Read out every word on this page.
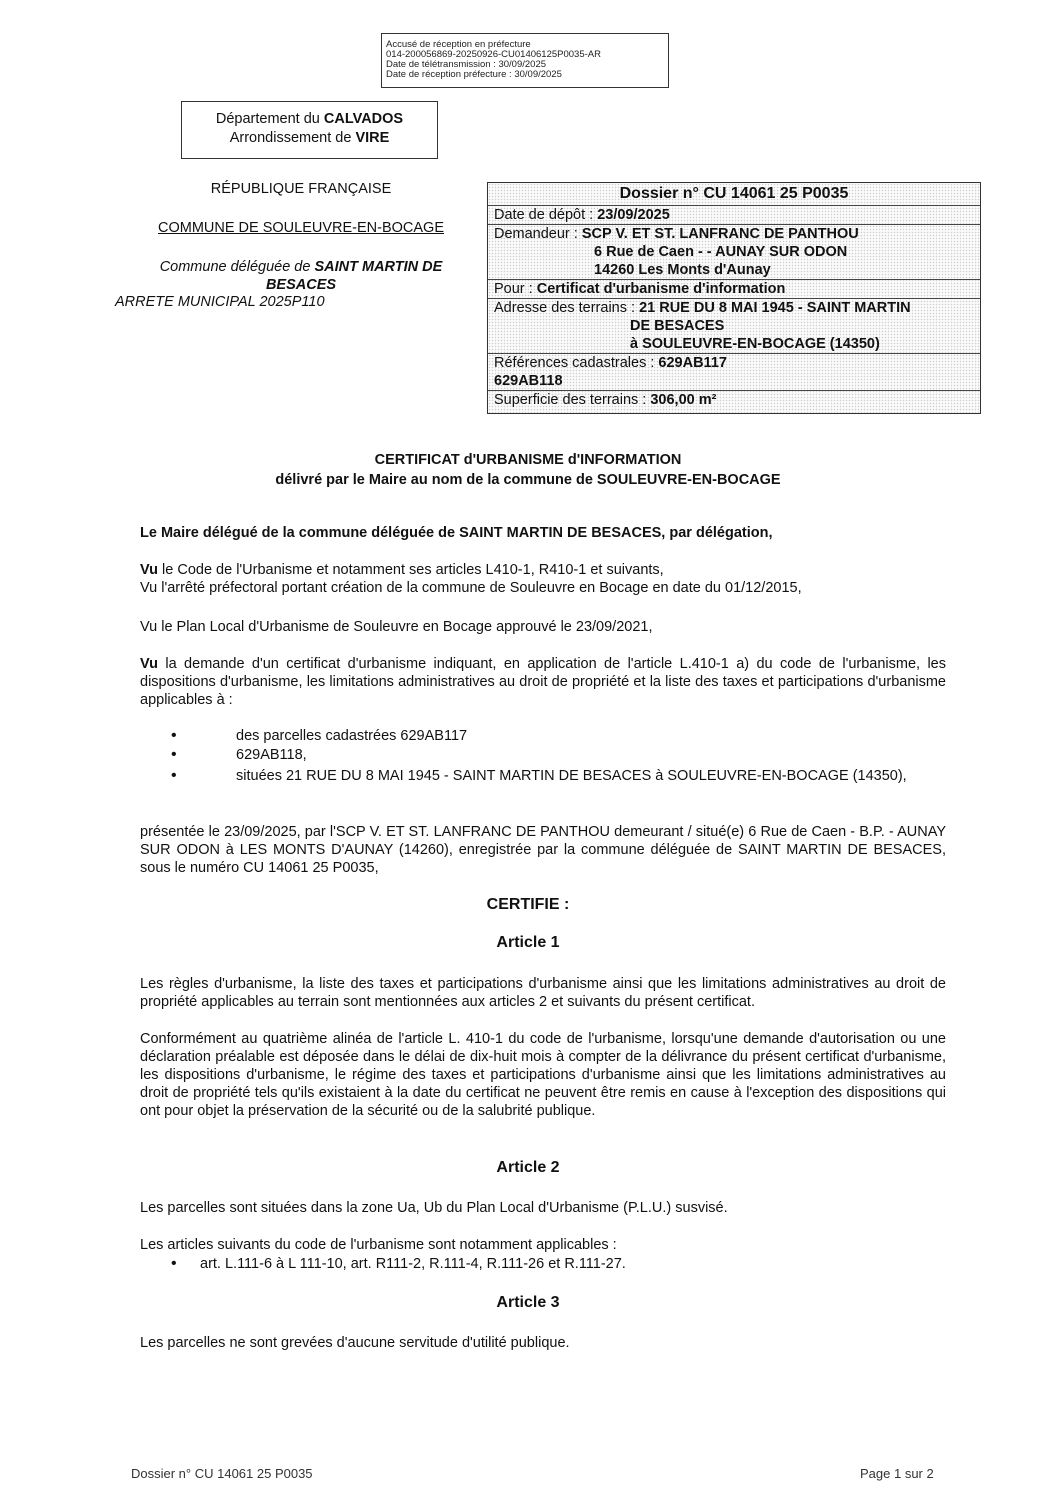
Accusé de réception en préfecture
014-200056869-20250926-CU01406125P0035-AR
Date de télétransmission : 30/09/2025
Date de réception préfecture : 30/09/2025
Département du CALVADOS
Arrondissement de VIRE
RÉPUBLIQUE FRANÇAISE
COMMUNE DE SOULEUVRE-EN-BOCAGE
Commune déléguée de SAINT MARTIN DE BESACES
ARRETE MUNICIPAL 2025P110
Dossier n° CU 14061 25 P0035
Date de dépôt : 23/09/2025
Demandeur : SCP V. ET ST. LANFRANC DE PANTHOU
6 Rue de Caen - - AUNAY SUR ODON
14260 Les Monts d'Aunay
Pour : Certificat d'urbanisme d'information
Adresse des terrains : 21 RUE DU 8 MAI 1945 - SAINT MARTIN
DE BESACES
à SOULEUVRE-EN-BOCAGE (14350)
Références cadastrales : 629AB117
629AB118
Superficie des terrains : 306,00 m²
CERTIFICAT d'URBANISME d'INFORMATION
délivré par le Maire au nom de la commune de SOULEUVRE-EN-BOCAGE
Le Maire délégué de la commune déléguée de SAINT MARTIN DE BESACES, par délégation,
Vu le Code de l'Urbanisme et notamment ses articles L410-1, R410-1 et suivants,
Vu l'arrêté préfectoral portant création de la commune de Souleuvre en Bocage en date du 01/12/2015,
Vu le Plan Local d'Urbanisme de Souleuvre en Bocage approuvé le 23/09/2021,
Vu la demande d'un certificat d'urbanisme indiquant, en application de l'article L.410-1 a) du code de l'urbanisme, les dispositions d'urbanisme, les limitations administratives au droit de propriété et la liste des taxes et participations d'urbanisme applicables à :
•	des parcelles cadastrées 629AB117
•	629AB118,
•	situées 21 RUE DU 8 MAI 1945 - SAINT MARTIN DE BESACES à SOULEUVRE-EN-BOCAGE (14350),
présentée le 23/09/2025, par l'SCP V. ET ST. LANFRANC DE PANTHOU demeurant / situé(e) 6 Rue de Caen - B.P. - AUNAY SUR ODON à LES MONTS D'AUNAY (14260), enregistrée par la commune déléguée de SAINT MARTIN DE BESACES, sous le numéro CU 14061 25 P0035,
CERTIFIE :
Article 1
Les règles d'urbanisme, la liste des taxes et participations d'urbanisme ainsi que les limitations administratives au droit de propriété applicables au terrain sont mentionnées aux articles 2 et suivants du présent certificat.
Conformément au quatrième alinéa de l'article L. 410-1 du code de l'urbanisme, lorsqu'une demande d'autorisation ou une déclaration préalable est déposée dans le délai de dix-huit mois à compter de la délivrance du présent certificat d'urbanisme, les dispositions d'urbanisme, le régime des taxes et participations d'urbanisme ainsi que les limitations administratives au droit de propriété tels qu'ils existaient à la date du certificat ne peuvent être remis en cause à l'exception des dispositions qui ont pour objet la préservation de la sécurité ou de la salubrité publique.
Article 2
Les parcelles sont situées dans la zone Ua, Ub du Plan Local d'Urbanisme (P.L.U.) susvisé.
Les articles suivants du code de l'urbanisme sont notamment applicables :
• art. L.111-6 à L 111-10, art. R111-2, R.111-4, R.111-26 et R.111-27.
Article 3
Les parcelles ne sont grevées d'aucune servitude d'utilité publique.
Dossier n° CU 14061 25 P0035	Page 1 sur 2
